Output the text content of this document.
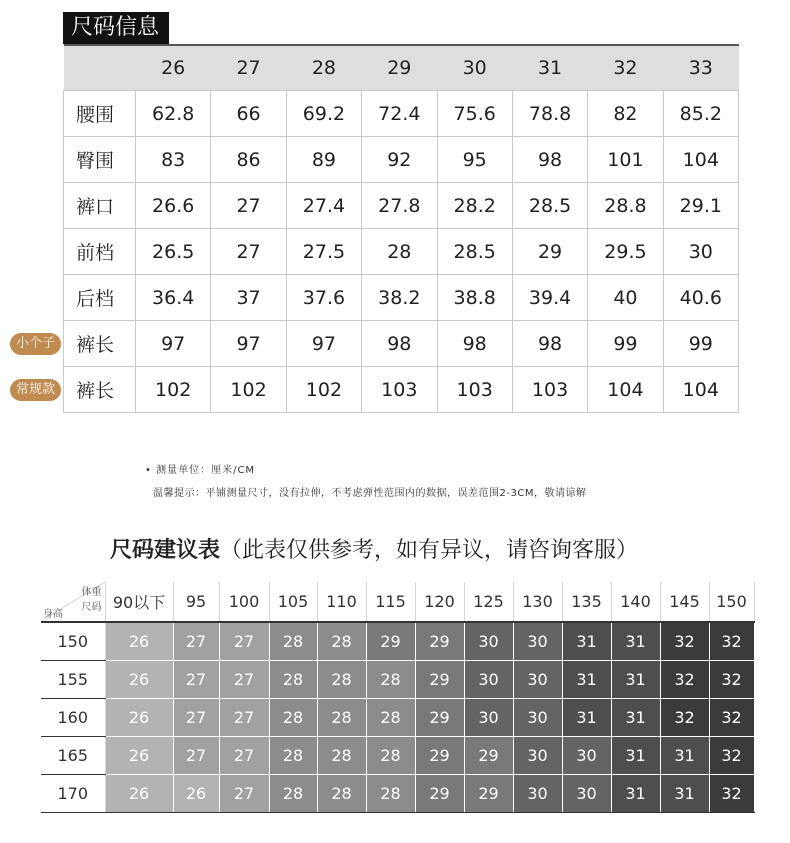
尺码信息
	26	27	28	29	30	31	32	33
腰围	62.8	66	69.2	72.4	75.6	78.8	82	85.2
臀围	83	86	89	92	95	98	101	104
裤口	26.6	27	27.4	27.8	28.2	28.5	28.8	29.1
前档	26.5	27	27.5	28	28.5	29	29.5	30
后档	36.4	37	37.6	38.2	38.8	39.4	40	40.6
裤长	97	97	97	98	98	98	99	99
裤长	102	102	102	103	103	103	104	104
小个子
常规款
• 测量单位：厘米/CM
温馨提示：平铺测量尺寸，没有拉伸，不考虑弹性范围内的数据，误差范围2-3CM，敬请谅解
尺码建议表（此表仅供参考，如有异议，请咨询客服）
体重
尺码
身高	90以下	95	100	105	110	115	120	125	130	135	140	145	150
150	26	27	27	28	28	29	29	30	30	31	31	32	32
155	26	27	27	28	28	28	29	30	30	31	31	32	32
160	26	27	27	28	28	28	29	30	30	31	31	32	32
165	26	27	27	28	28	28	29	29	30	30	31	31	32
170	26	26	27	28	28	28	29	29	30	30	31	31	32
